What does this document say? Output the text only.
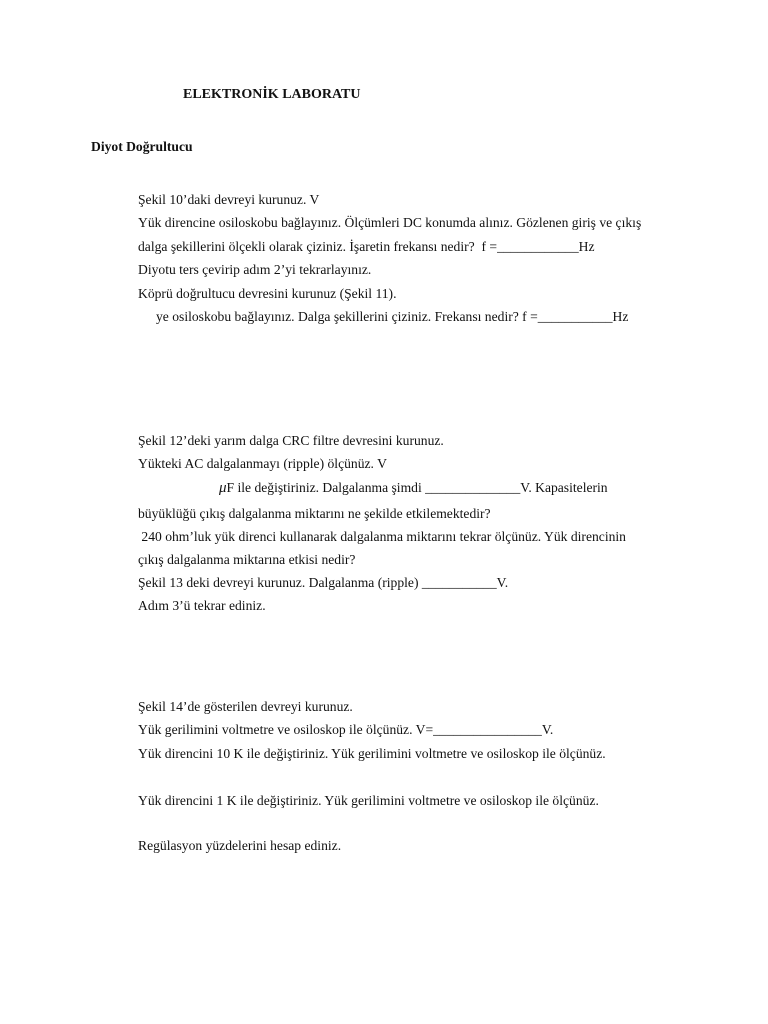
ELEKTRONİK LABORATU
Diyot Doğrultucu
Şekil 10’daki devreyi kurunuz. V
Yük direncine osiloskobu bağlayınız. Ölçümleri DC konumda alınız. Gözlenen giriş ve çıkış
dalga şekillerini ölçekli olarak çiziniz. İşaretin frekansı nedir?  f =____________Hz
Diyotu ters çevirip adım 2’yi tekrarlayınız.
Köprü doğrultucu devresini kurunuz (Şekil 11).
ye osiloskobu bağlayınız. Dalga şekillerini çiziniz. Frekansı nedir? f =___________Hz
Şekil 12’deki yarım dalga CRC filtre devresini kurunuz.
Yükteki AC dalgalanmayı (ripple) ölçünüz. V
μF ile değiştiriniz. Dalgalanma şimdi ______________V. Kapasitelerin
büyüklüğü çıkış dalgalanma miktarını ne şekilde etkilemektedir?
240 ohm’luk yük direnci kullanarak dalgalanma miktarını tekrar ölçünüz. Yük direncinin
çıkış dalgalanma miktarına etkisi nedir?
Şekil 13 deki devreyi kurunuz. Dalgalanma (ripple) ___________V.
Adım 3’ü tekrar ediniz.
Şekil 14’de gösterilen devreyi kurunuz.
Yük gerilimini voltmetre ve osiloskop ile ölçünüz. V=________________V.
Yük direncini 10 K ile değiştiriniz. Yük gerilimini voltmetre ve osiloskop ile ölçünüz.
Yük direncini 1 K ile değiştiriniz. Yük gerilimini voltmetre ve osiloskop ile ölçünüz.
Regülasyon yüzdelerini hesap ediniz.
